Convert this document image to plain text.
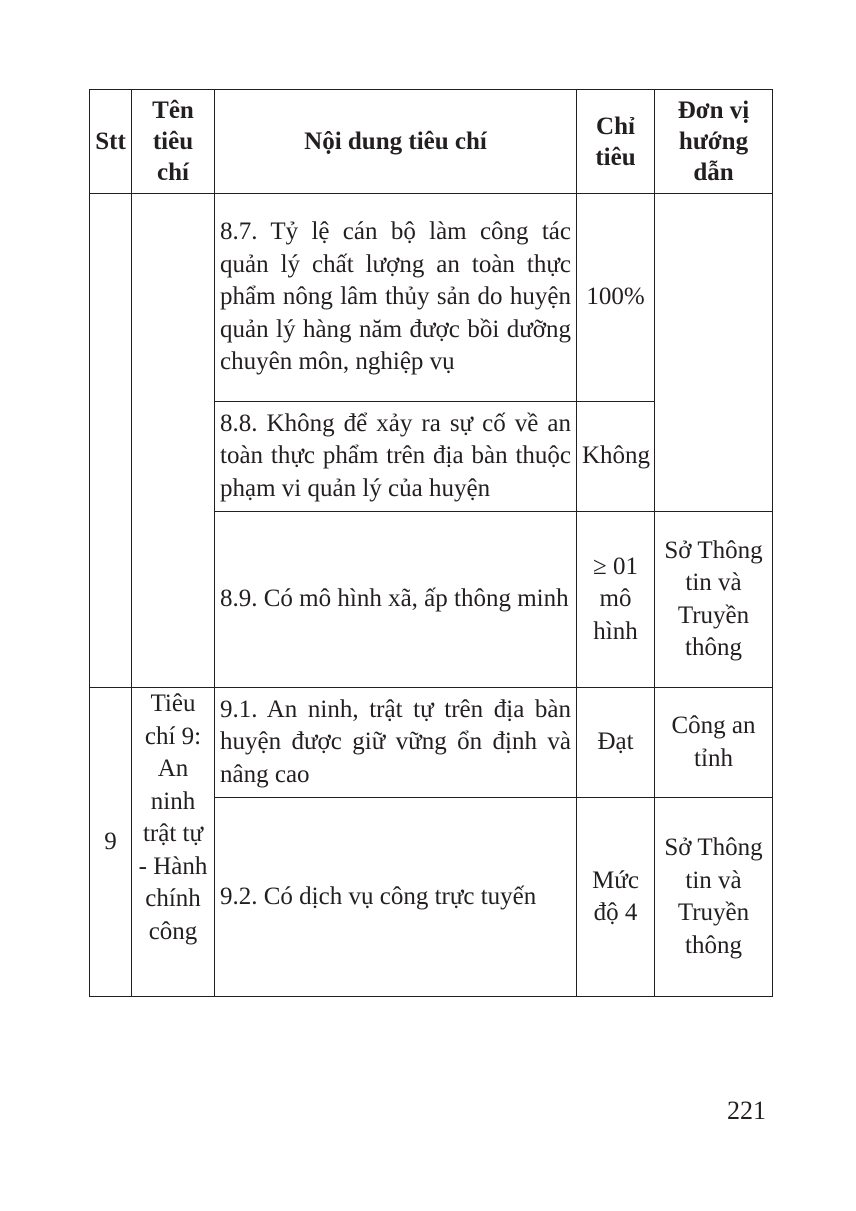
Stt	Tên tiêu chí	Nội dung tiêu chí	Chỉ tiêu	Đơn vị hướng dẫn
		8.7. Tỷ lệ cán bộ làm công tác quản lý chất lượng an toàn thực phẩm nông lâm thủy sản do huyện quản lý hàng năm được bồi dưỡng chuyên môn, nghiệp vụ	100%	
		8.8. Không để xảy ra sự cố về an toàn thực phẩm trên địa bàn thuộc phạm vi quản lý của huyện	Không	
		8.9. Có mô hình xã, ấp thông minh	≥ 01 mô hình	Sở Thông tin và Truyền thông
9	Tiêu chí 9: An ninh trật tự - Hành chính công	9.1. An ninh, trật tự trên địa bàn huyện được giữ vững ổn định và nâng cao	Đạt	Công an tỉnh
		9.2. Có dịch vụ công trực tuyến	Mức độ 4	Sở Thông tin và Truyền thông
221
